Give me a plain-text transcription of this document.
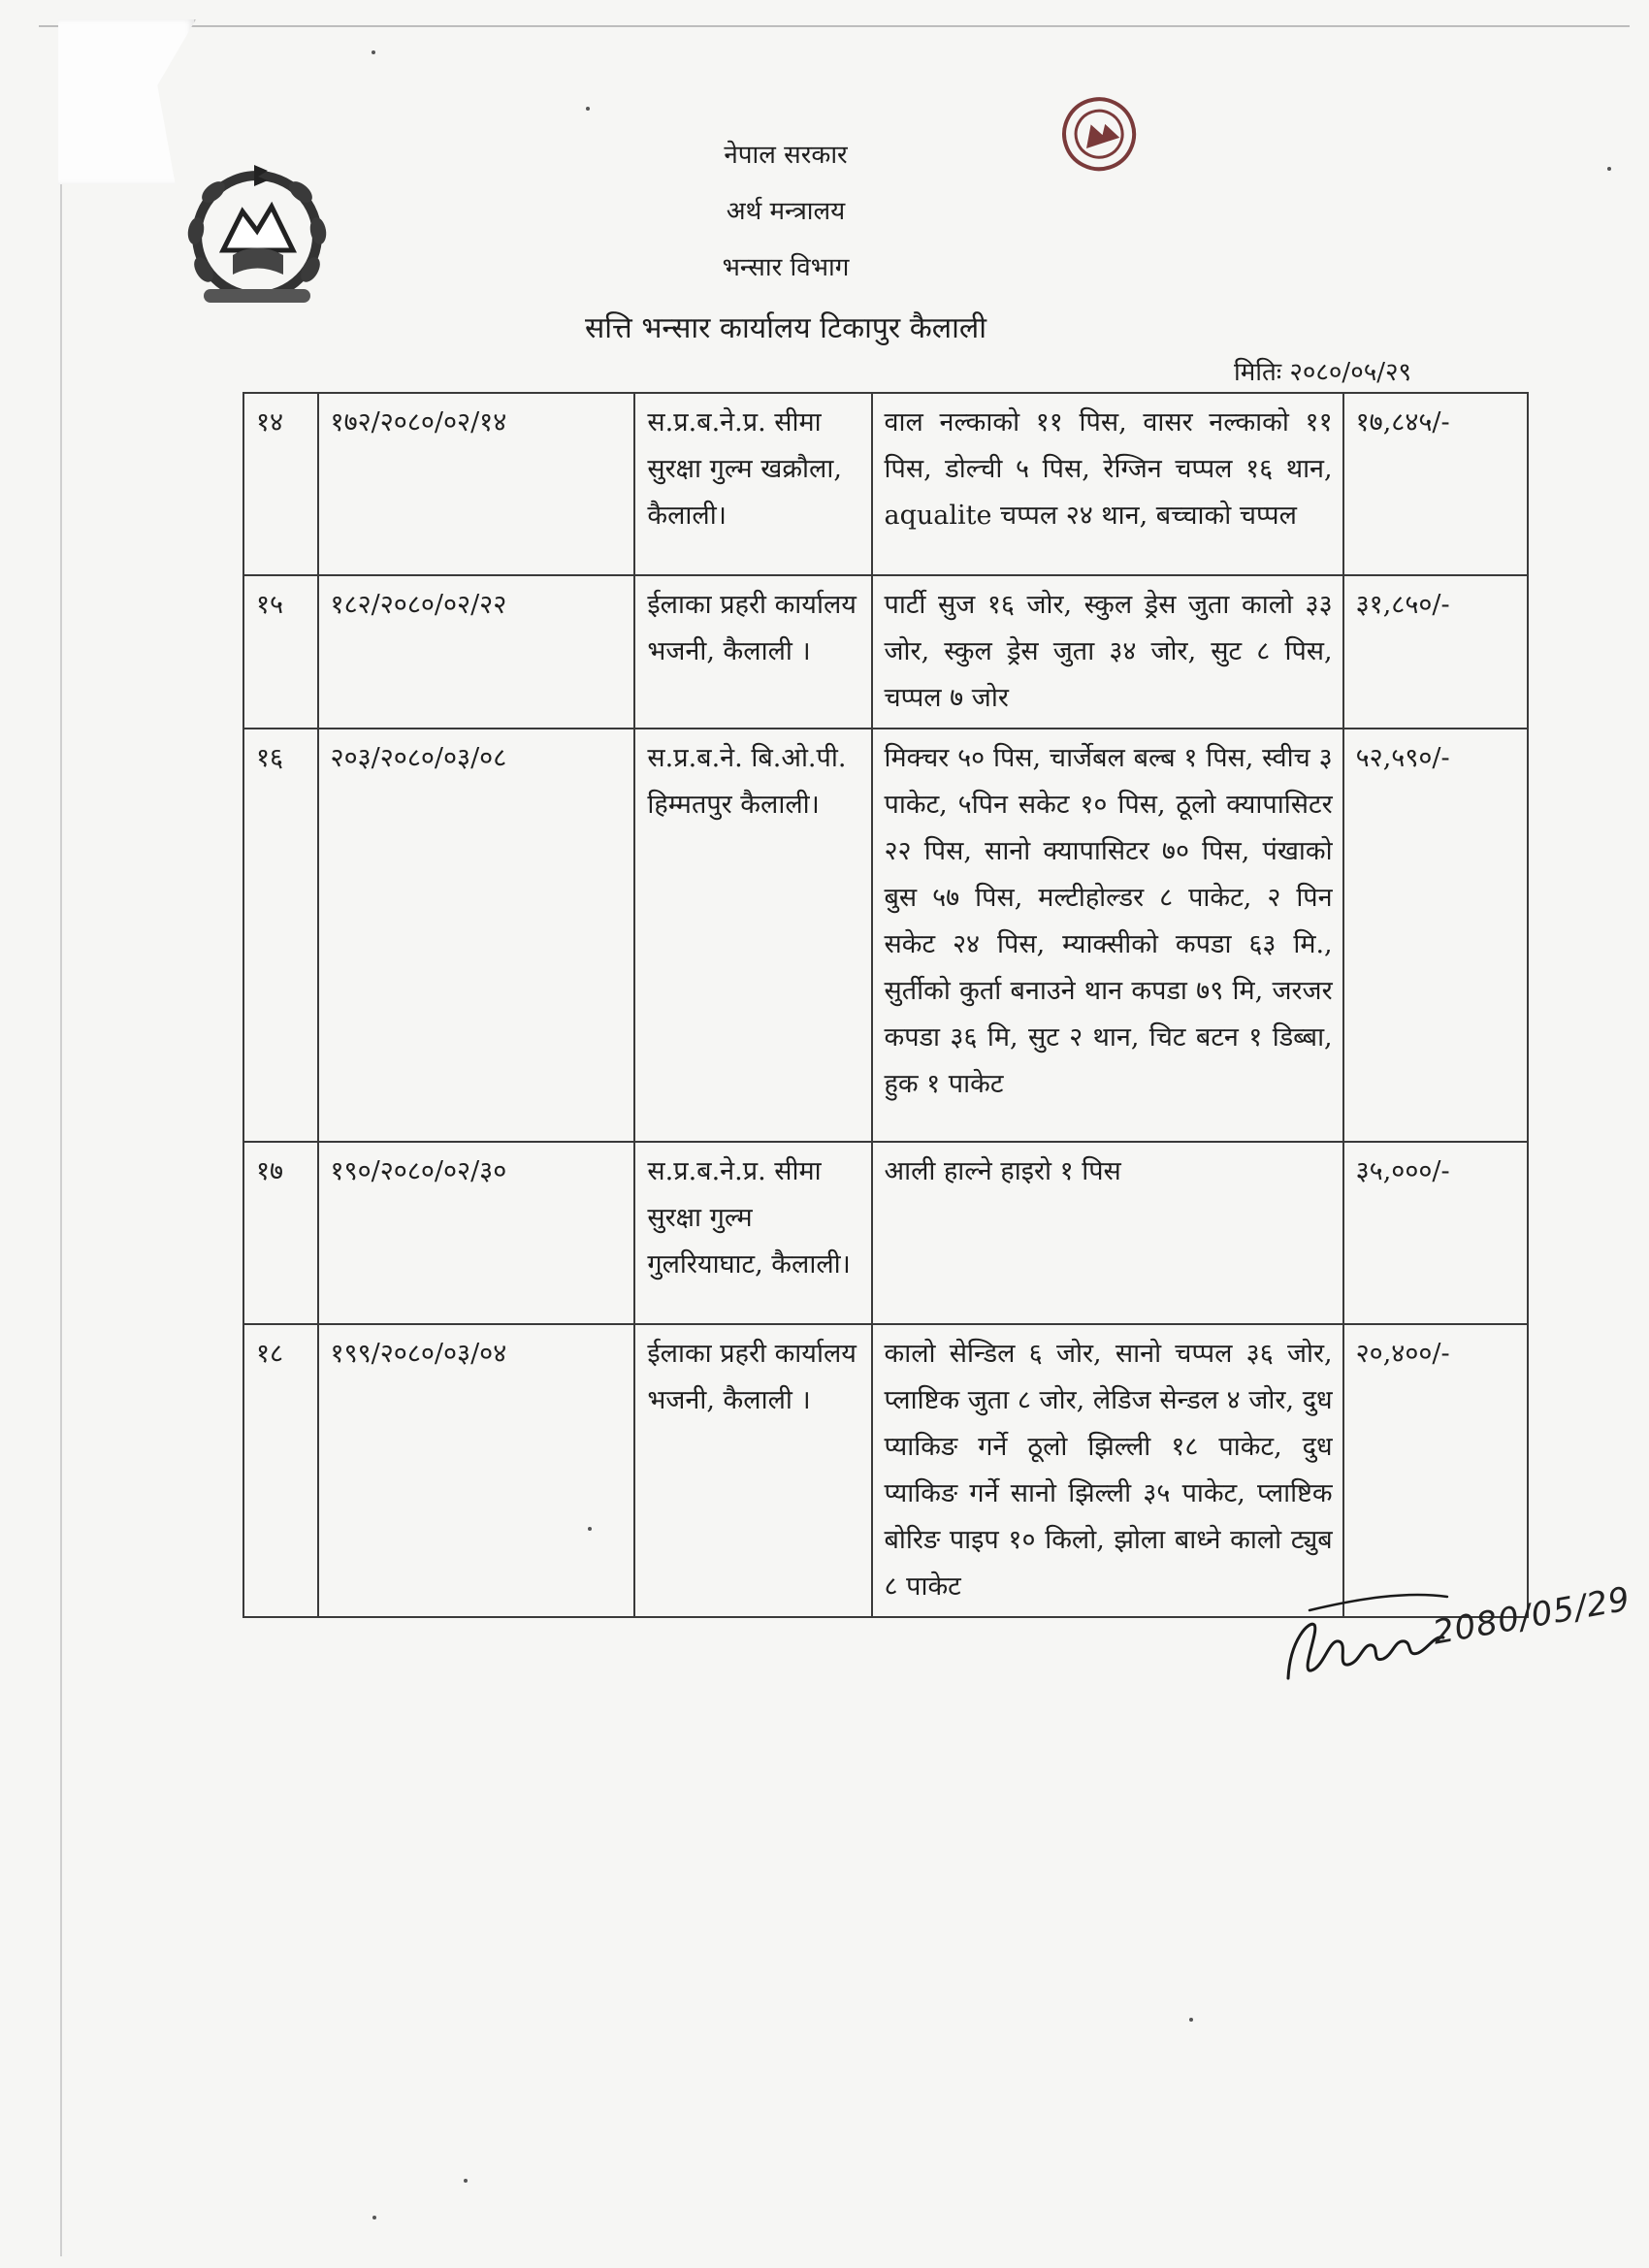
नेपाल सरकार
अर्थ मन्त्रालय
भन्सार विभाग
सत्ति भन्सार कार्यालय टिकापुर कैलाली
मितिः २०८०/०५/२९
१४	१७२/२०८०/०२/१४	स.प्र.ब.ने.प्र. सीमा सुरक्षा गुल्म खक्रौला, कैलाली।	वाल नल्काको ११ पिस, वासर नल्काको ११ पिस, डोल्ची ५ पिस, रेग्जिन चप्पल १६ थान, aqualite चप्पल २४ थान, बच्चाको चप्पल	१७,८४५/-
१५	१८२/२०८०/०२/२२	ईलाका प्रहरी कार्यालय भजनी, कैलाली ।	पार्टी सुज १६ जोर, स्कुल ड्रेस जुता कालो ३३ जोर, स्कुल ड्रेस जुता ३४ जोर, सुट ८ पिस, चप्पल ७ जोर	३१,८५०/-
१६	२०३/२०८०/०३/०८	स.प्र.ब.ने. बि.ओ.पी. हिम्मतपुर कैलाली।	मिक्चर ५० पिस, चार्जेबल बल्ब १ पिस, स्वीच ३ पाकेट, ५पिन सकेट १० पिस, ठूलो क्यापासिटर २२ पिस, सानो क्यापासिटर ७० पिस, पंखाको बुस ५७ पिस, मल्टीहोल्डर ८ पाकेट, २ पिन सकेट २४ पिस, म्याक्सीको कपडा ६३ मि., सुर्तीको कुर्ता बनाउने थान कपडा ७९ मि, जरजर कपडा ३६ मि, सुट २ थान, चिट बटन १ डिब्बा, हुक १ पाकेट	५२,५९०/-
१७	१९०/२०८०/०२/३०	स.प्र.ब.ने.प्र. सीमा सुरक्षा गुल्म गुलरियाघाट, कैलाली।	आली हाल्ने हाइरो १ पिस	३५,०००/-
१८	१९९/२०८०/०३/०४	ईलाका प्रहरी कार्यालय भजनी, कैलाली ।	कालो सेन्डिल ६ जोर, सानो चप्पल ३६ जोर, प्लाष्टिक जुता ८ जोर, लेडिज सेन्डल ४ जोर, दुध प्याकिङ गर्ने ठूलो झिल्ली १८ पाकेट, दुध प्याकिङ गर्ने सानो झिल्ली ३५ पाकेट, प्लाष्टिक बोरिङ पाइप १० किलो, झोला बाध्ने कालो ट्युब ८ पाकेट	२०,४००/-
2080/05/29
